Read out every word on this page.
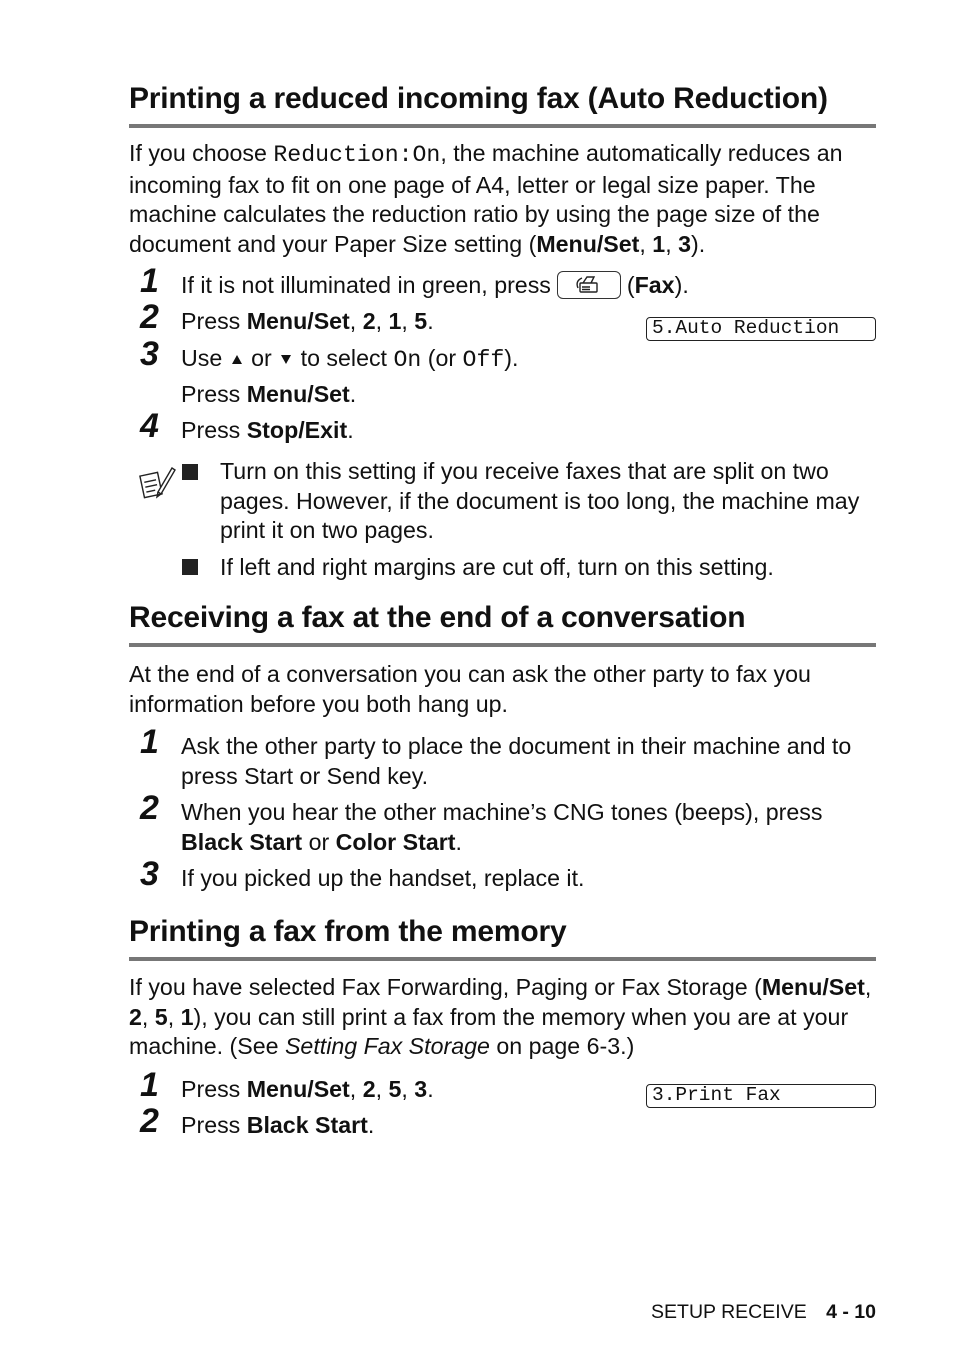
Printing a reduced incoming fax (Auto Reduction)
If you choose Reduction:On, the machine automatically reduces an incoming fax to fit on one page of A4, letter or legal size paper. The machine calculates the reduction ratio by using the page size of the document and your Paper Size setting (Menu/Set, 1, 3).
1 If it is not illuminated in green, press	(Fax).
2 Press Menu/Set, 2, 1, 5.	5.Auto Reduction
3 Use  or  to select On (or Off).
Press Menu/Set.
4 Press Stop/Exit.
Turn on this setting if you receive faxes that are split on two pages. However, if the document is too long, the machine may print it on two pages.
If left and right margins are cut off, turn on this setting.
Receiving a fax at the end of a conversation
At the end of a conversation you can ask the other party to fax you information before you both hang up.
1 Ask the other party to place the document in their machine and to press Start or Send key.
2 When you hear the other machine’s CNG tones (beeps), press Black Start or Color Start.
3 If you picked up the handset, replace it.
Printing a fax from the memory
If you have selected Fax Forwarding, Paging or Fax Storage (Menu/Set, 2, 5, 1), you can still print a fax from the memory when you are at your machine. (See Setting Fax Storage on page 6-3.)
1 Press Menu/Set, 2, 5, 3.	3.Print Fax
2 Press Black Start.
SETUP RECEIVE 4 - 10
